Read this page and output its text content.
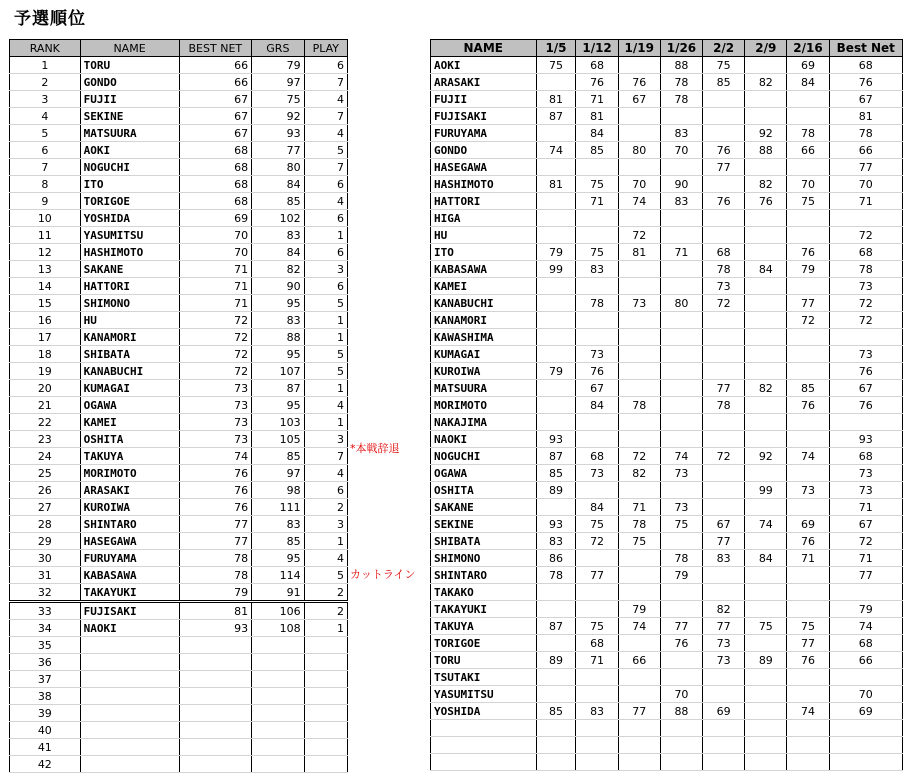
予選順位
RANK	NAME	BEST NET	GRS	PLAY
1	TORU	66	79	6
2	GONDO	66	97	7
3	FUJII	67	75	4
4	SEKINE	67	92	7
5	MATSUURA	67	93	4
6	AOKI	68	77	5
7	NOGUCHI	68	80	7
8	ITO	68	84	6
9	TORIGOE	68	85	4
10	YOSHIDA	69	102	6
11	YASUMITSU	70	83	1
12	HASHIMOTO	70	84	6
13	SAKANE	71	82	3
14	HATTORI	71	90	6
15	SHIMONO	71	95	5
16	HU	72	83	1
17	KANAMORI	72	88	1
18	SHIBATA	72	95	5
19	KANABUCHI	72	107	5
20	KUMAGAI	73	87	1
21	OGAWA	73	95	4
22	KAMEI	73	103	1
23	OSHITA	73	105	3
24	TAKUYA	74	85	7
25	MORIMOTO	76	97	4
26	ARASAKI	76	98	6
27	KUROIWA	76	111	2
28	SHINTARO	77	83	3
29	HASEGAWA	77	85	1
30	FURUYAMA	78	95	4
31	KABASAWA	78	114	5
32	TAKAYUKI	79	91	2
33	FUJISAKI	81	106	2
34	NAOKI	93	108	1
35				
36				
37				
38				
39				
40				
41				
42				
NAME	1/5	1/12	1/19	1/26	2/2	2/9	2/16	Best Net
AOKI	75	68		88	75		69	68
ARASAKI		76	76	78	85	82	84	76
FUJII	81	71	67	78				67
FUJISAKI	87	81						81
FURUYAMA		84		83		92	78	78
GONDO	74	85	80	70	76	88	66	66
HASEGAWA					77			77
HASHIMOTO	81	75	70	90		82	70	70
HATTORI		71	74	83	76	76	75	71
HIGA								
HU			72					72
ITO	79	75	81	71	68		76	68
KABASAWA	99	83			78	84	79	78
KAMEI					73			73
KANABUCHI		78	73	80	72		77	72
KANAMORI							72	72
KAWASHIMA								
KUMAGAI		73						73
KUROIWA	79	76						76
MATSUURA		67			77	82	85	67
MORIMOTO		84	78		78		76	76
NAKAJIMA								
NAOKI	93							93
NOGUCHI	87	68	72	74	72	92	74	68
OGAWA	85	73	82	73				73
OSHITA	89					99	73	73
SAKANE		84	71	73				71
SEKINE	93	75	78	75	67	74	69	67
SHIBATA	83	72	75		77		76	72
SHIMONO	86			78	83	84	71	71
SHINTARO	78	77		79				77
TAKAKO								
TAKAYUKI			79		82			79
TAKUYA	87	75	74	77	77	75	75	74
TORIGOE		68		76	73		77	68
TORU	89	71	66		73	89	76	66
TSUTAKI								
YASUMITSU				70				70
YOSHIDA	85	83	77	88	69		74	69

*本戦辞退
カットライン
